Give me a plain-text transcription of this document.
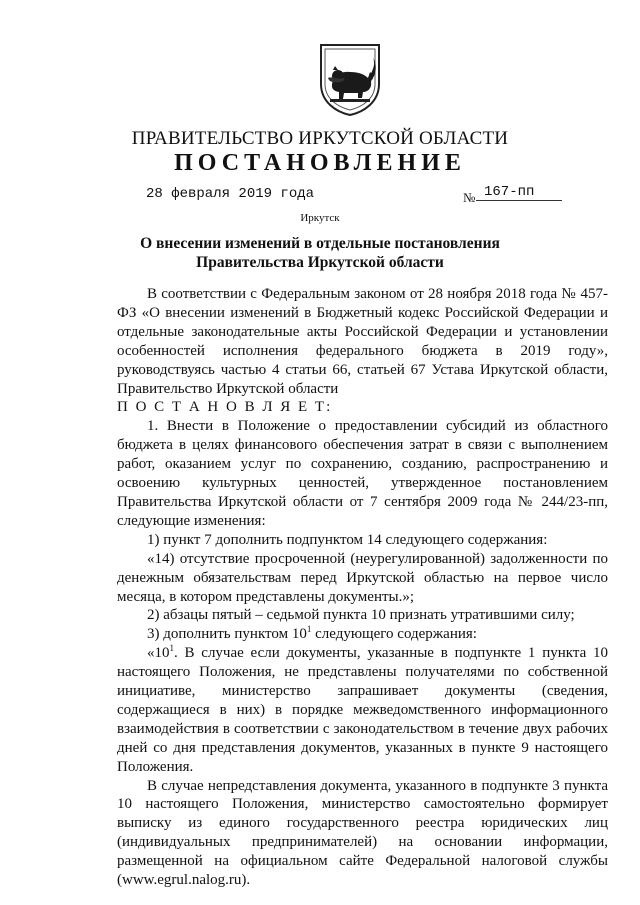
ПРАВИТЕЛЬСТВО ИРКУТСКОЙ ОБЛАСТИ
ПОСТАНОВЛЕНИЕ
28 февраля 2019 года	№ 167-пп
Иркутск
О внесении изменений в отдельные постановления Правительства Иркутской области

В соответствии с Федеральным законом от 28 ноября 2018 года № 457-ФЗ «О внесении изменений в Бюджетный кодекс Российской Федерации и отдельные законодательные акты Российской Федерации и установлении особенностей исполнения федерального бюджета в 2019 году», руководствуясь частью 4 статьи 66, статьей 67 Устава Иркутской области, Правительство Иркутской области

П О С Т А Н О В Л Я Е Т:

1. Внести в Положение о предоставлении субсидий из областного бюджета в целях финансового обеспечения затрат в связи с выполнением работ, оказанием услуг по сохранению, созданию, распространению и освоению культурных ценностей, утвержденное постановлением Правительства Иркутской области от 7 сентября 2009 года № 244/23-пп, следующие изменения:

1) пункт 7 дополнить подпунктом 14 следующего содержания:

«14) отсутствие просроченной (неурегулированной) задолженности по денежным обязательствам перед Иркутской областью на первое число месяца, в котором представлены документы.»;

2) абзацы пятый – седьмой пункта 10 признать утратившими силу;

3) дополнить пунктом $10^1$ следующего содержания:

«$10^1$. В случае если документы, указанные в подпункте 1 пункта 10 настоящего Положения, не представлены получателями по собственной инициативе, министерство запрашивает документы (сведения, содержащиеся в них) в порядке межведомственного информационного взаимодействия в соответствии с законодательством в течение двух рабочих дней со дня представления документов, указанных в пункте 9 настоящего Положения.

В случае непредставления документа, указанного в подпункте 3 пункта 10 настоящего Положения, министерство самостоятельно формирует выписку из единого государственного реестра юридических лиц (индивидуальных предпринимателей) на основании информации, размещенной на официальном сайте Федеральной налоговой службы (www.egrul.nalog.ru).
